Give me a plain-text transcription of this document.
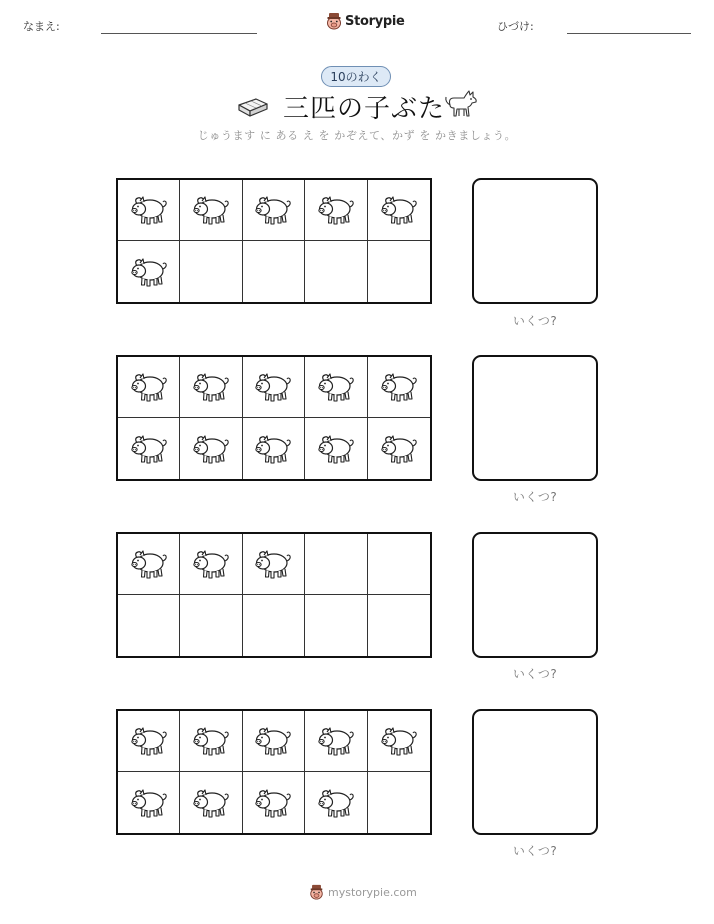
なまえ:	Storypie	ひづけ:
10のわく
三匹の子ぶた
じゅうます に ある え を かぞえて、かず を かきましょう。
いくつ?
いくつ?
いくつ?
いくつ?
mystorypie.com
